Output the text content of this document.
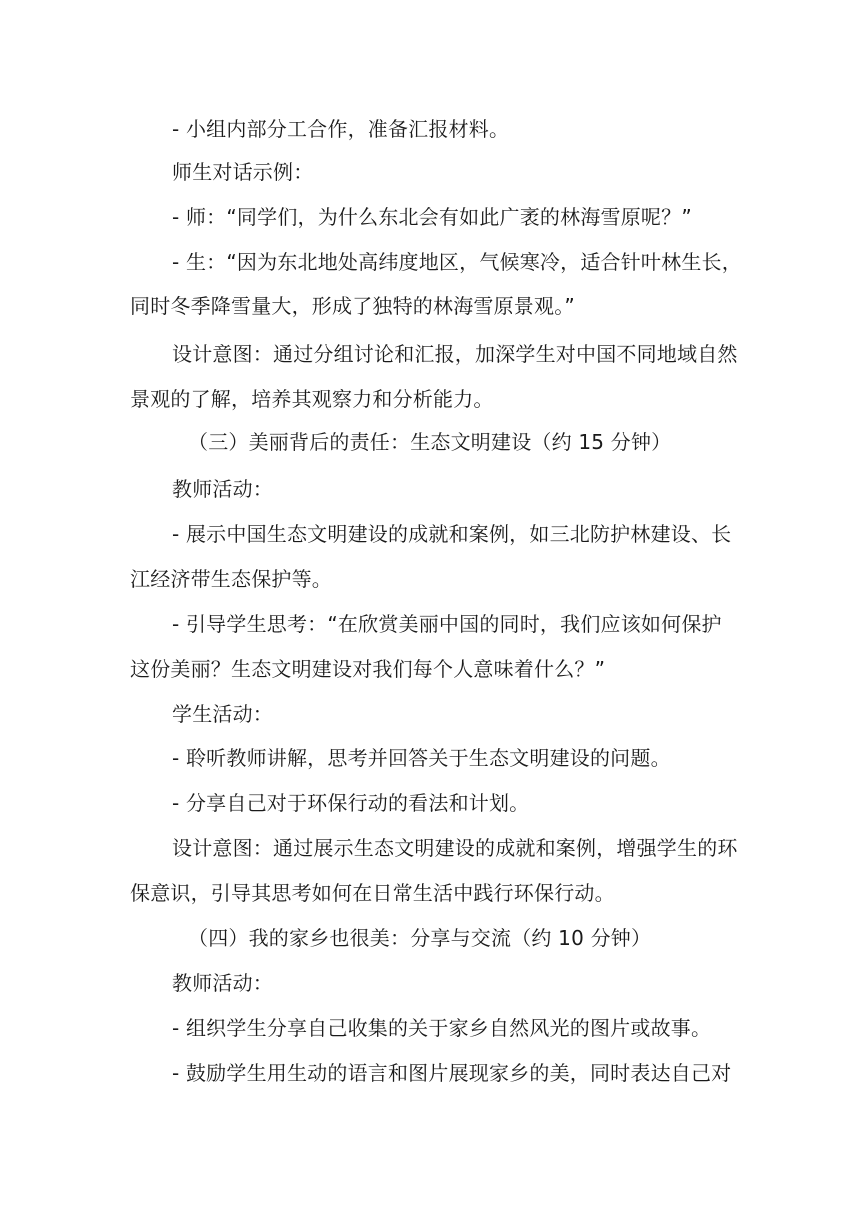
- 小组内部分工合作，准备汇报材料。
师生对话示例：
- 师：“同学们，为什么东北会有如此广袤的林海雪原呢？”
- 生：“因为东北地处高纬度地区，气候寒冷，适合针叶林生长，
同时冬季降雪量大，形成了独特的林海雪原景观。”
设计意图：通过分组讨论和汇报，加深学生对中国不同地域自然
景观的了解，培养其观察力和分析能力。
（三）美丽背后的责任：生态文明建设（约 15 分钟）
教师活动：
- 展示中国生态文明建设的成就和案例，如三北防护林建设、长
江经济带生态保护等。
- 引导学生思考：“在欣赏美丽中国的同时，我们应该如何保护
这份美丽？生态文明建设对我们每个人意味着什么？”
学生活动：
- 聆听教师讲解，思考并回答关于生态文明建设的问题。
- 分享自己对于环保行动的看法和计划。
设计意图：通过展示生态文明建设的成就和案例，增强学生的环
保意识，引导其思考如何在日常生活中践行环保行动。
（四）我的家乡也很美：分享与交流（约 10 分钟）
教师活动：
- 组织学生分享自己收集的关于家乡自然风光的图片或故事。
- 鼓励学生用生动的语言和图片展现家乡的美，同时表达自己对
